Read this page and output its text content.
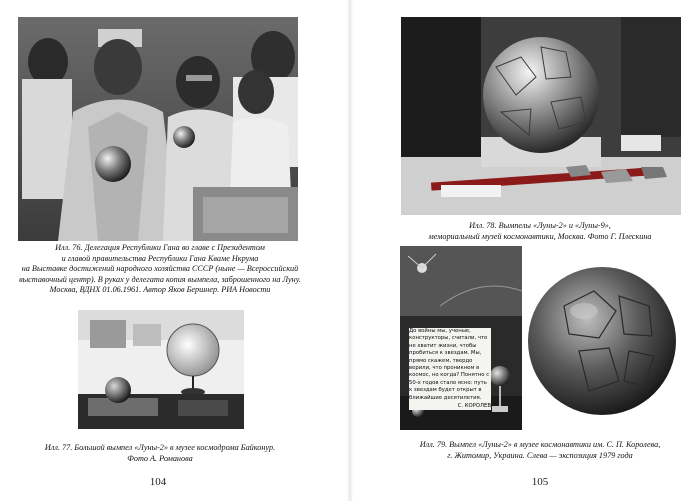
Илл. 76. Делегация Республики Гана во главе с Президентом
и главой правительства Республики Гана Кваме Нкрума
на Выставке достижений народного хозяйства СССР (ныне — Всероссийский
выставочный центр). В руках у делегата копия вымпела, заброшенного на Луну.
Москва, ВДНХ 01.06.1961. Автор Яков Бершнер. РИА Новости

Илл. 77. Большой вымпел «Луны-2» в музее космодрома Байконур.
Фото А. Романова

104

Илл. 78. Вымпелы «Луны-2» и «Луны-9»,
мемориальный музей космонавтики, Москва. Фото Г. Плескина

До войны мы, ученые, конструкторы, считали, что не хватит жизни, чтобы пробиться к звездам. Мы, прямо скажем, твердо верили, что проникнем в космос, но когда? Понятно с 50-х годов стало ясно: путь к звездам будет открыт в ближайшие десятилетия.
С. КОРОЛЕВ

Илл. 79. Вымпел «Луны-2» в музее космонавтики им. С. П. Королева,
г. Житомир, Украина. Слева — экспозиция 1979 года

105
